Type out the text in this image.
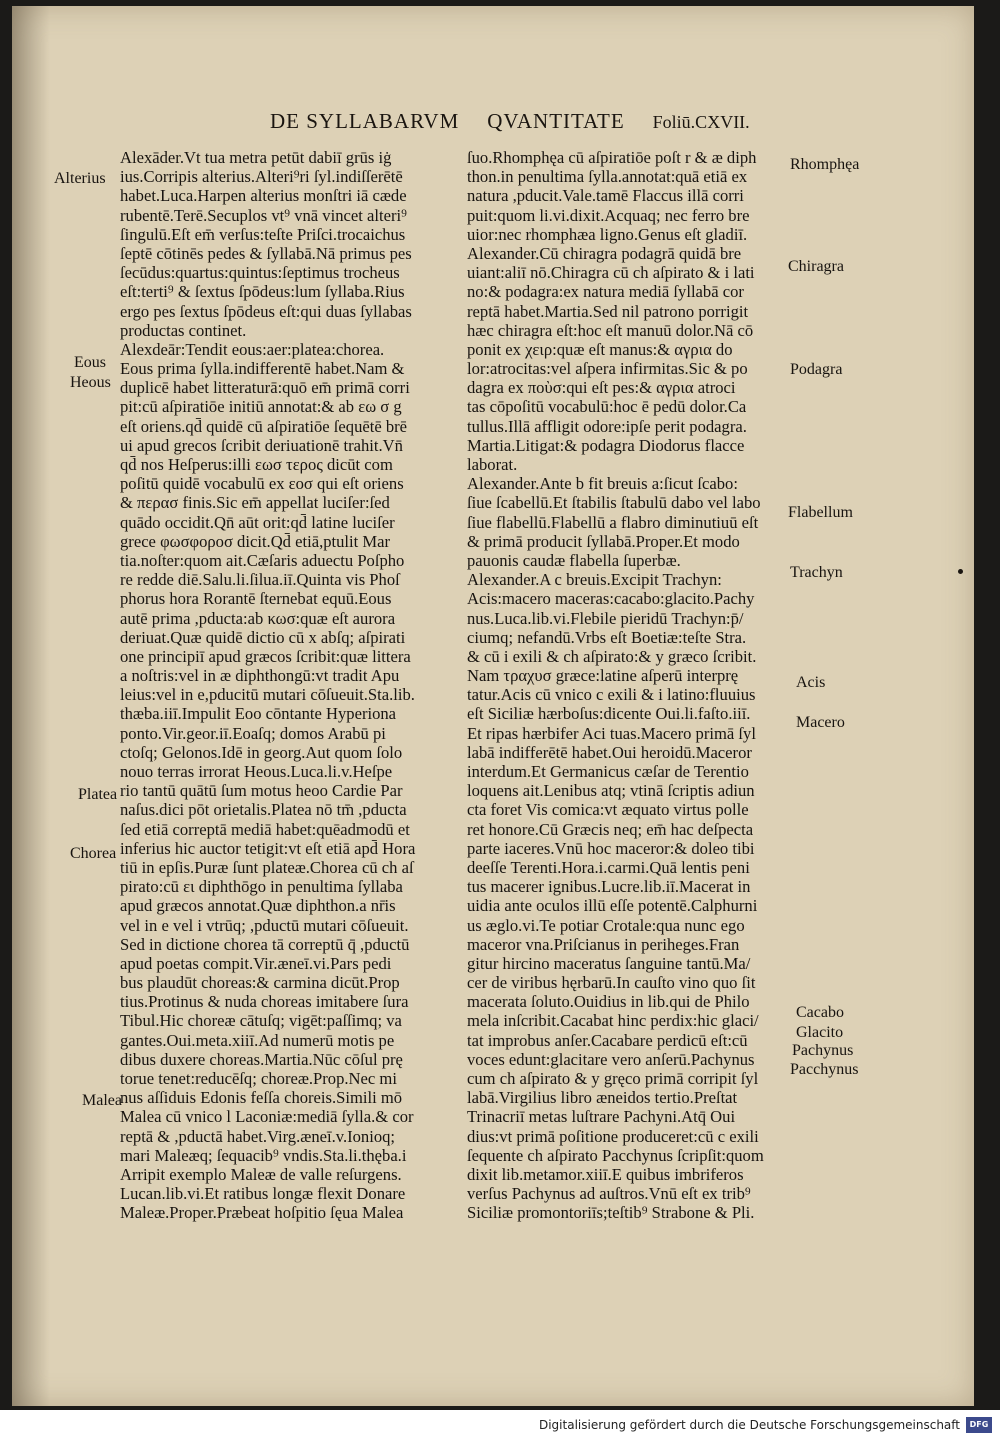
DE SYLLABARVM QVANTITATE Foliū.CXVII.
Alexāder.Vt tua metra petūt dabiī grūs iġ
ius.Corripis alterius.Alteri⁹ri ſyl.indiſſerētē
habet.Luca.Harpen alterius monſtri iā cæde
rubentē.Terē.Secuplos vt⁹ vnā vincet alteri⁹
ſingulū.Eſt em̄ verſus:teſte Priſci.trocaichus
ſeptē cōtinēs pedes & ſyllabā.Nā primus pes
ſecūdus:quartus:quintus:ſeptimus trocheus
eſt:terti⁹ & ſextus ſpōdeus:lum ſyllaba.Rius
ergo pes ſextus ſpōdeus eſt:qui duas ſyllabas
productas continet.
Alexdeār:Tendit eous:aer:platea:chorea.
Eous prima ſylla.indifferentē habet.Nam &
duplicē habet litteraturā:quō em̄ primā corri
pit:cū aſpiratiōe initiū annotat:& ab εω σ g
eſt oriens.qd̄ quidē cū aſpiratiōe ſequētē brē
ui apud grecos ſcribit deriuationē trahit.Vn̄
qd̄ nos Heſperus:illi εωσ τερος dicūt com
poſitū quidē vocabulū ex εοσ qui eſt oriens
& περασ finis.Sic em̄ appellat luciſer:ſed
quādo occidit.Qn̄ aūt orit:qd̄ latine luciſer
grece φωσφοροσ dicit.Qd̄ etiā,ptulit Mar
tia.noſter:quom ait.Cæſaris aduectu Poſpho
re redde diē.Salu.li.ſilua.iī.Quinta vis Phoſ
phorus hora Rorantē ſternebat equū.Eous
autē prima ,pducta:ab κωσ:quæ eſt aurora
deriuat.Quæ quidē dictio cū x abſq; aſpirati
one principiī apud græcos ſcribit:quæ littera
a noſtris:vel in æ diphthongū:vt tradit Apu
leius:vel in e,pducitū mutari cōſueuit.Sta.lib.
thæba.iiī.Impulit Eoo cōntante Hyperiona
ponto.Vir.geor.iī.Eoaſq; domos Arabū pi
ctoſq; Gelonos.Idē in georg.Aut quom ſolo
nouo terras irrorat Heous.Luca.li.v.Heſpe
rio tantū quātū ſum motus heoo Cardie Par
naſus.dici pōt orietalis.Platea nō tm̄ ,pducta
ſed etiā correptā mediā habet:quēadmodū et
inferius hic auctor tetigit:vt eſt etiā apd̄ Hora
tiū in epſis.Puræ ſunt plateæ.Chorea cū ch aſ
pirato:cū ει diphthōgo in penultima ſyllaba
apud græcos annotat.Quæ diphthon.a nr̄is
vel in e vel i vtrūq; ,pductū mutari cōſueuit.
Sed in dictione chorea tā correptū q̄ ,pductū
apud poetas compit.Vir.æneī.vi.Pars pedi
bus plaudūt choreas:& carmina dicūt.Prop
tius.Protinus & nuda choreas imitabere ſura
Tibul.Hic choreæ cātuſq; vigēt:paſſimq; va
gantes.Oui.meta.xiiī.Ad numerū motis pe
dibus duxere choreas.Martia.Nūc cōſul prę
torue tenet:reducēſq; choreæ.Prop.Nec mi
nus aſſiduis Edonis feſſa choreis.Simili mō
Malea cū vnico l Laconiæ:mediā ſylla.& cor
reptā & ,pductā habet.Virg.æneī.v.Ionioq;
mari Maleæq; ſequacib⁹ vndis.Sta.li.thęba.i
Arripit exemplo Maleæ de valle reſurgens.
Lucan.lib.vi.Et ratibus longæ flexit Donare
Maleæ.Proper.Præbeat hoſpitio ſęua Malea
ſuo.Rhomphęa cū aſpiratiōe poſt r & æ diph
thon.in penultima ſylla.annotat:quā etiā ex
natura ,pducit.Vale.tamē Flaccus illā corri
puit:quom li.vi.dixit.Acquaq; nec ferro bre
uior:nec rhomphæa ligno.Genus eſt gladiī.
Alexander.Cū chiragra podagrā quidā bre
uiant:aliī nō.Chiragra cū ch aſpirato & i lati
no:& podagra:ex natura mediā ſyllabā cor
reptā habet.Martia.Sed nil patrono porrigit
hæc chiragra eſt:hoc eſt manuū dolor.Nā cō
ponit ex χειρ:quæ eſt manus:& αγρια do
lor:atrocitas:vel aſpera infirmitas.Sic & po
dagra ex ποὺσ:qui eſt pes:& αγρια atroci
tas cōpoſitū vocabulū:hoc ē pedū dolor.Ca
tullus.Illā affligit odore:ipſe perit podagra.
Martia.Litigat:& podagra Diodorus flacce
laborat.
Alexander.Ante b fit breuis a:ſicut ſcabo:
ſiue ſcabellū.Et ſtabilis ſtabulū dabo vel labo
ſiue flabellū.Flabellū a flabro diminutiuū eſt
& primā producit ſyllabā.Proper.Et modo
pauonis caudæ flabella ſuperbæ.
Alexander.A c breuis.Excipit Trachyn:
Acis:macero maceras:cacabo:glacito.Pachy
nus.Luca.lib.vi.Flebile pieridū Trachyn:p̄/
ciumq; nefandū.Vrbs eſt Boetiæ:teſte Stra.
& cū i exili & ch aſpirato:& y græco ſcribit.
Nam τραχυσ græce:latine aſperū interprę
tatur.Acis cū vnico c exili & i latino:fluuius
eſt Siciliæ hærboſus:dicente Oui.li.faſto.iiī.
Et ripas hærbifer Aci tuas.Macero primā ſyl
labā indifferētē habet.Oui heroidū.Maceror
interdum.Et Germanicus cæſar de Terentio
loquens ait.Lenibus atq; vtinā ſcriptis adiun
cta foret Vis comica:vt æquato virtus polle
ret honore.Cū Græcis neq; em̄ hac deſpecta
parte iaceres.Vnū hoc maceror:& doleo tibi
deeſſe Terenti.Hora.i.carmi.Quā lentis peni
tus macerer ignibus.Lucre.lib.iī.Macerat in
uidia ante oculos illū eſſe potentē.Calphurni
us æglo.vi.Te potiar Crotale:qua nunc ego
maceror vna.Priſcianus in periheges.Fran
gitur hircino maceratus ſanguine tantū.Ma/
cer de viribus hęrbarū.In cauſto vino quo ſit
macerata ſoluto.Ouidius in lib.qui de Philo
mela inſcribit.Cacabat hinc perdix:hic glaci/
tat improbus anſer.Cacabare perdicū eſt:cū
voces edunt:glacitare vero anſerū.Pachynus
cum ch aſpirato & y gręco primā corripit ſyl
labā.Virgilius libro æneidos tertio.Preſtat
Trinacriī metas luſtrare Pachyni.Atq̄ Oui
dius:vt primā poſitione produceret:cū c exili
ſequente ch aſpirato Pacchynus ſcripſit:quom
dixit lib.metamor.xiiī.E quibus imbriferos
verſus Pachynus ad auſtros.Vnū eſt ex trib⁹
Siciliæ promontoriīs;teſtib⁹ Strabone & Pli.
Alterius
Eous
Heous
Platea
Chorea
Malea
Rhomphęa
Chiragra
Podagra
Flabellum
Trachyn
Acis
Macero
Cacabo
Glacito
Pachynus
Pacchynus
Digitalisierung gefördert durch die Deutsche Forschungsgemeinschaft	DFG
